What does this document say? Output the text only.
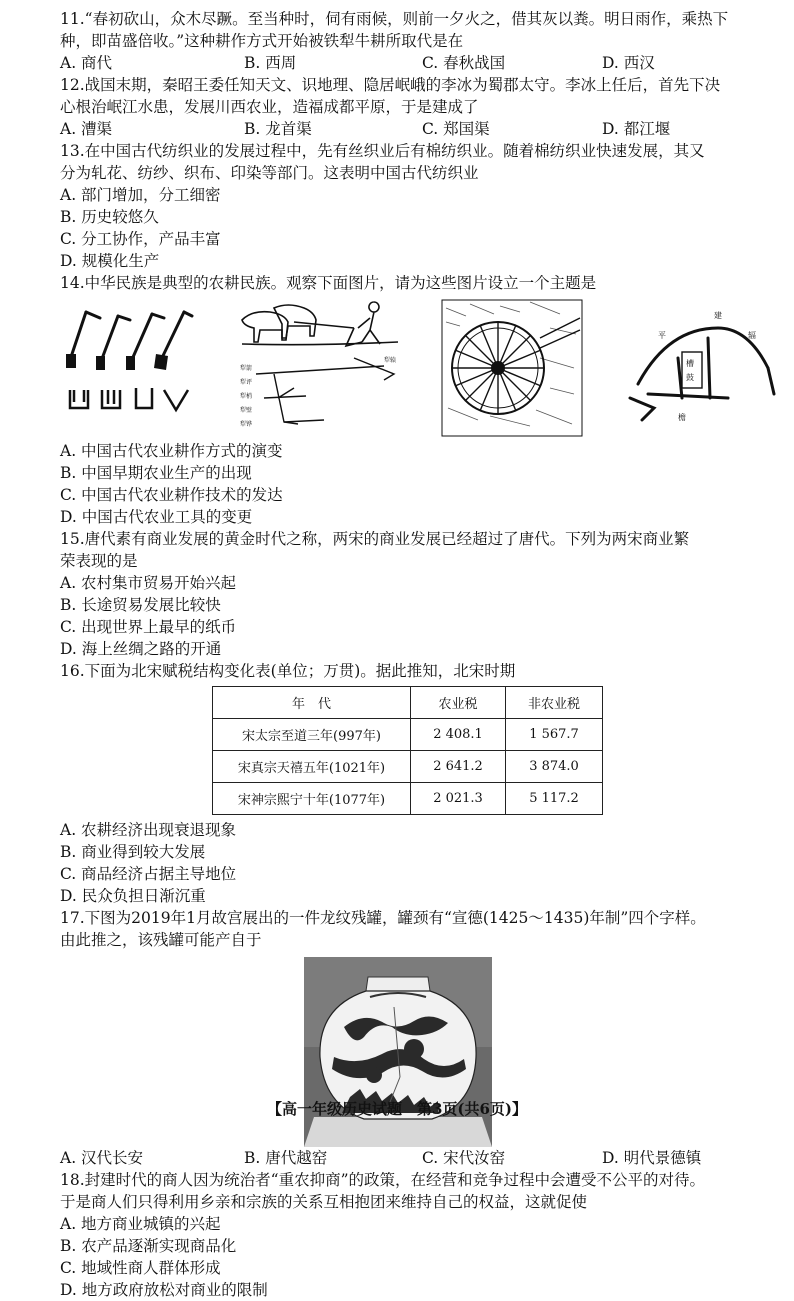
11.“春初砍山，众木尽蹶。至当种时，伺有雨候，则前一夕火之，借其灰以粪。明日雨作，乘热下

种，即苗盛倍收。”这种耕作方式开始被铁犁牛耕所取代是在

A. 商代	B. 西周	C. 春秋战国	D. 西汉

12.战国末期，秦昭王委任知天文、识地理、隐居岷峨的李冰为蜀郡太守。李冰上任后，首先下决

心根治岷江水患，发展川西农业，造福成都平原，于是建成了

A. 漕渠	B. 龙首渠	C. 郑国渠	D. 都江堰

13.在中国古代纺织业的发展过程中，先有丝织业后有棉纺织业。随着棉纺织业快速发展，其又

分为轧花、纺纱、织布、印染等部门。这表明中国古代纺织业

A. 部门增加，分工细密
B. 历史较悠久
C. 分工协作，产品丰富
D. 规模化生产

14.中华民族是典型的农耕民族。观察下面图片，请为这些图片设立一个主题是

犁箭
犁评
犁辕
犁梢
犁壁
犁铧
平
建
辐
槽
鼓
檐
A. 中国古代农业耕作方式的演变
B. 中国早期农业生产的出现
C. 中国古代农业耕作技术的发达
D. 中国古代农业工具的变更

15.唐代素有商业发展的黄金时代之称，两宋的商业发展已经超过了唐代。下列为两宋商业繁

荣表现的是

A. 农村集市贸易开始兴起
B. 长途贸易发展比较快
C. 出现世界上最早的纸币
D. 海上丝绸之路的开通

16.下面为北宋赋税结构变化表(单位；万贯)。据此推知，北宋时期

年　代	农业税	非农业税
宋太宗至道三年(997年)	2 408.1	1 567.7
宋真宗天禧五年(1021年)	2 641.2	3 874.0
宋神宗熙宁十年(1077年)	2 021.3	5 117.2
A. 农耕经济出现衰退现象
B. 商业得到较大发展
C. 商品经济占据主导地位
D. 民众负担日渐沉重

17.下图为2019年1月故宫展出的一件龙纹残罐，罐颈有“宣德(1425～1435)年制”四个字样。

由此推之，该残罐可能产自于

A. 汉代长安	B. 唐代越窑	C. 宋代汝窑	D. 明代景德镇

18.封建时代的商人因为统治者“重农抑商”的政策，在经营和竞争过程中会遭受不公平的对待。

于是商人们只得利用乡亲和宗族的关系互相抱团来维持自己的权益，这就促使

A. 地方商业城镇的兴起
B. 农产品逐渐实现商品化
C. 地域性商人群体形成
D. 地方政府放松对商业的限制
【高一年级历史试题　第3页(共6页)】
